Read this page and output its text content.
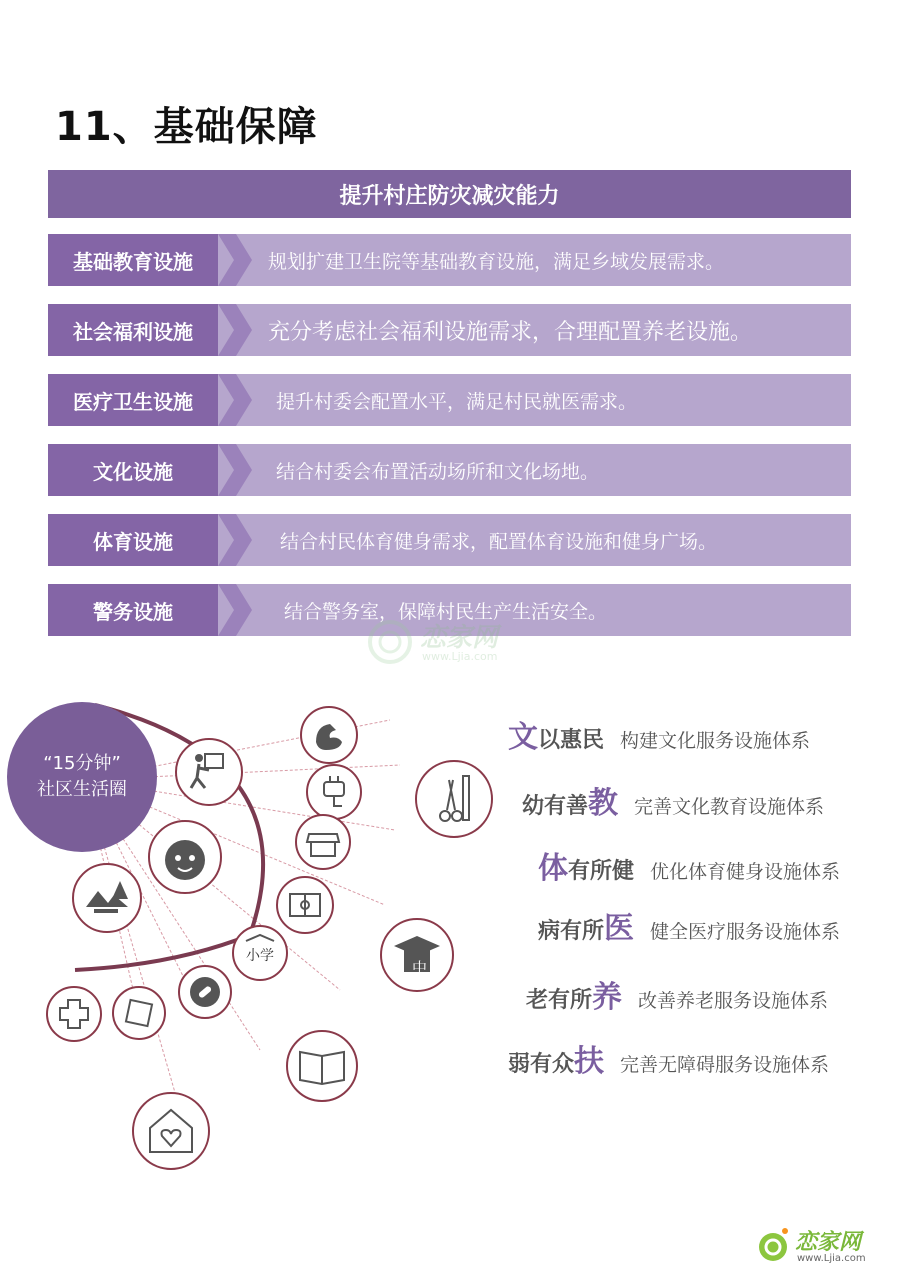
11、基础保障
提升村庄防灾减灾能力
基础教育设施	规划扩建卫生院等基础教育设施，满足乡域发展需求。
社会福利设施	充分考虑社会福利设施需求，合理配置养老设施。
医疗卫生设施	提升村委会配置水平，满足村民就医需求。
文化设施	结合村委会布置活动场所和文化场地。
体育设施	结合村民体育健身需求，配置体育设施和健身广场。
警务设施	结合警务室，保障村民生产生活安全。
恋家网
www.Ljia.com
“15分钟”
社区生活圈
小学
中
文以惠民 构建文化服务设施体系
幼有善教 完善文化教育设施体系
体有所健 优化体育健身设施体系
病有所医 健全医疗服务设施体系
老有所养 改善养老服务设施体系
弱有众扶 完善无障碍服务设施体系
恋家网
www.Ljia.com
